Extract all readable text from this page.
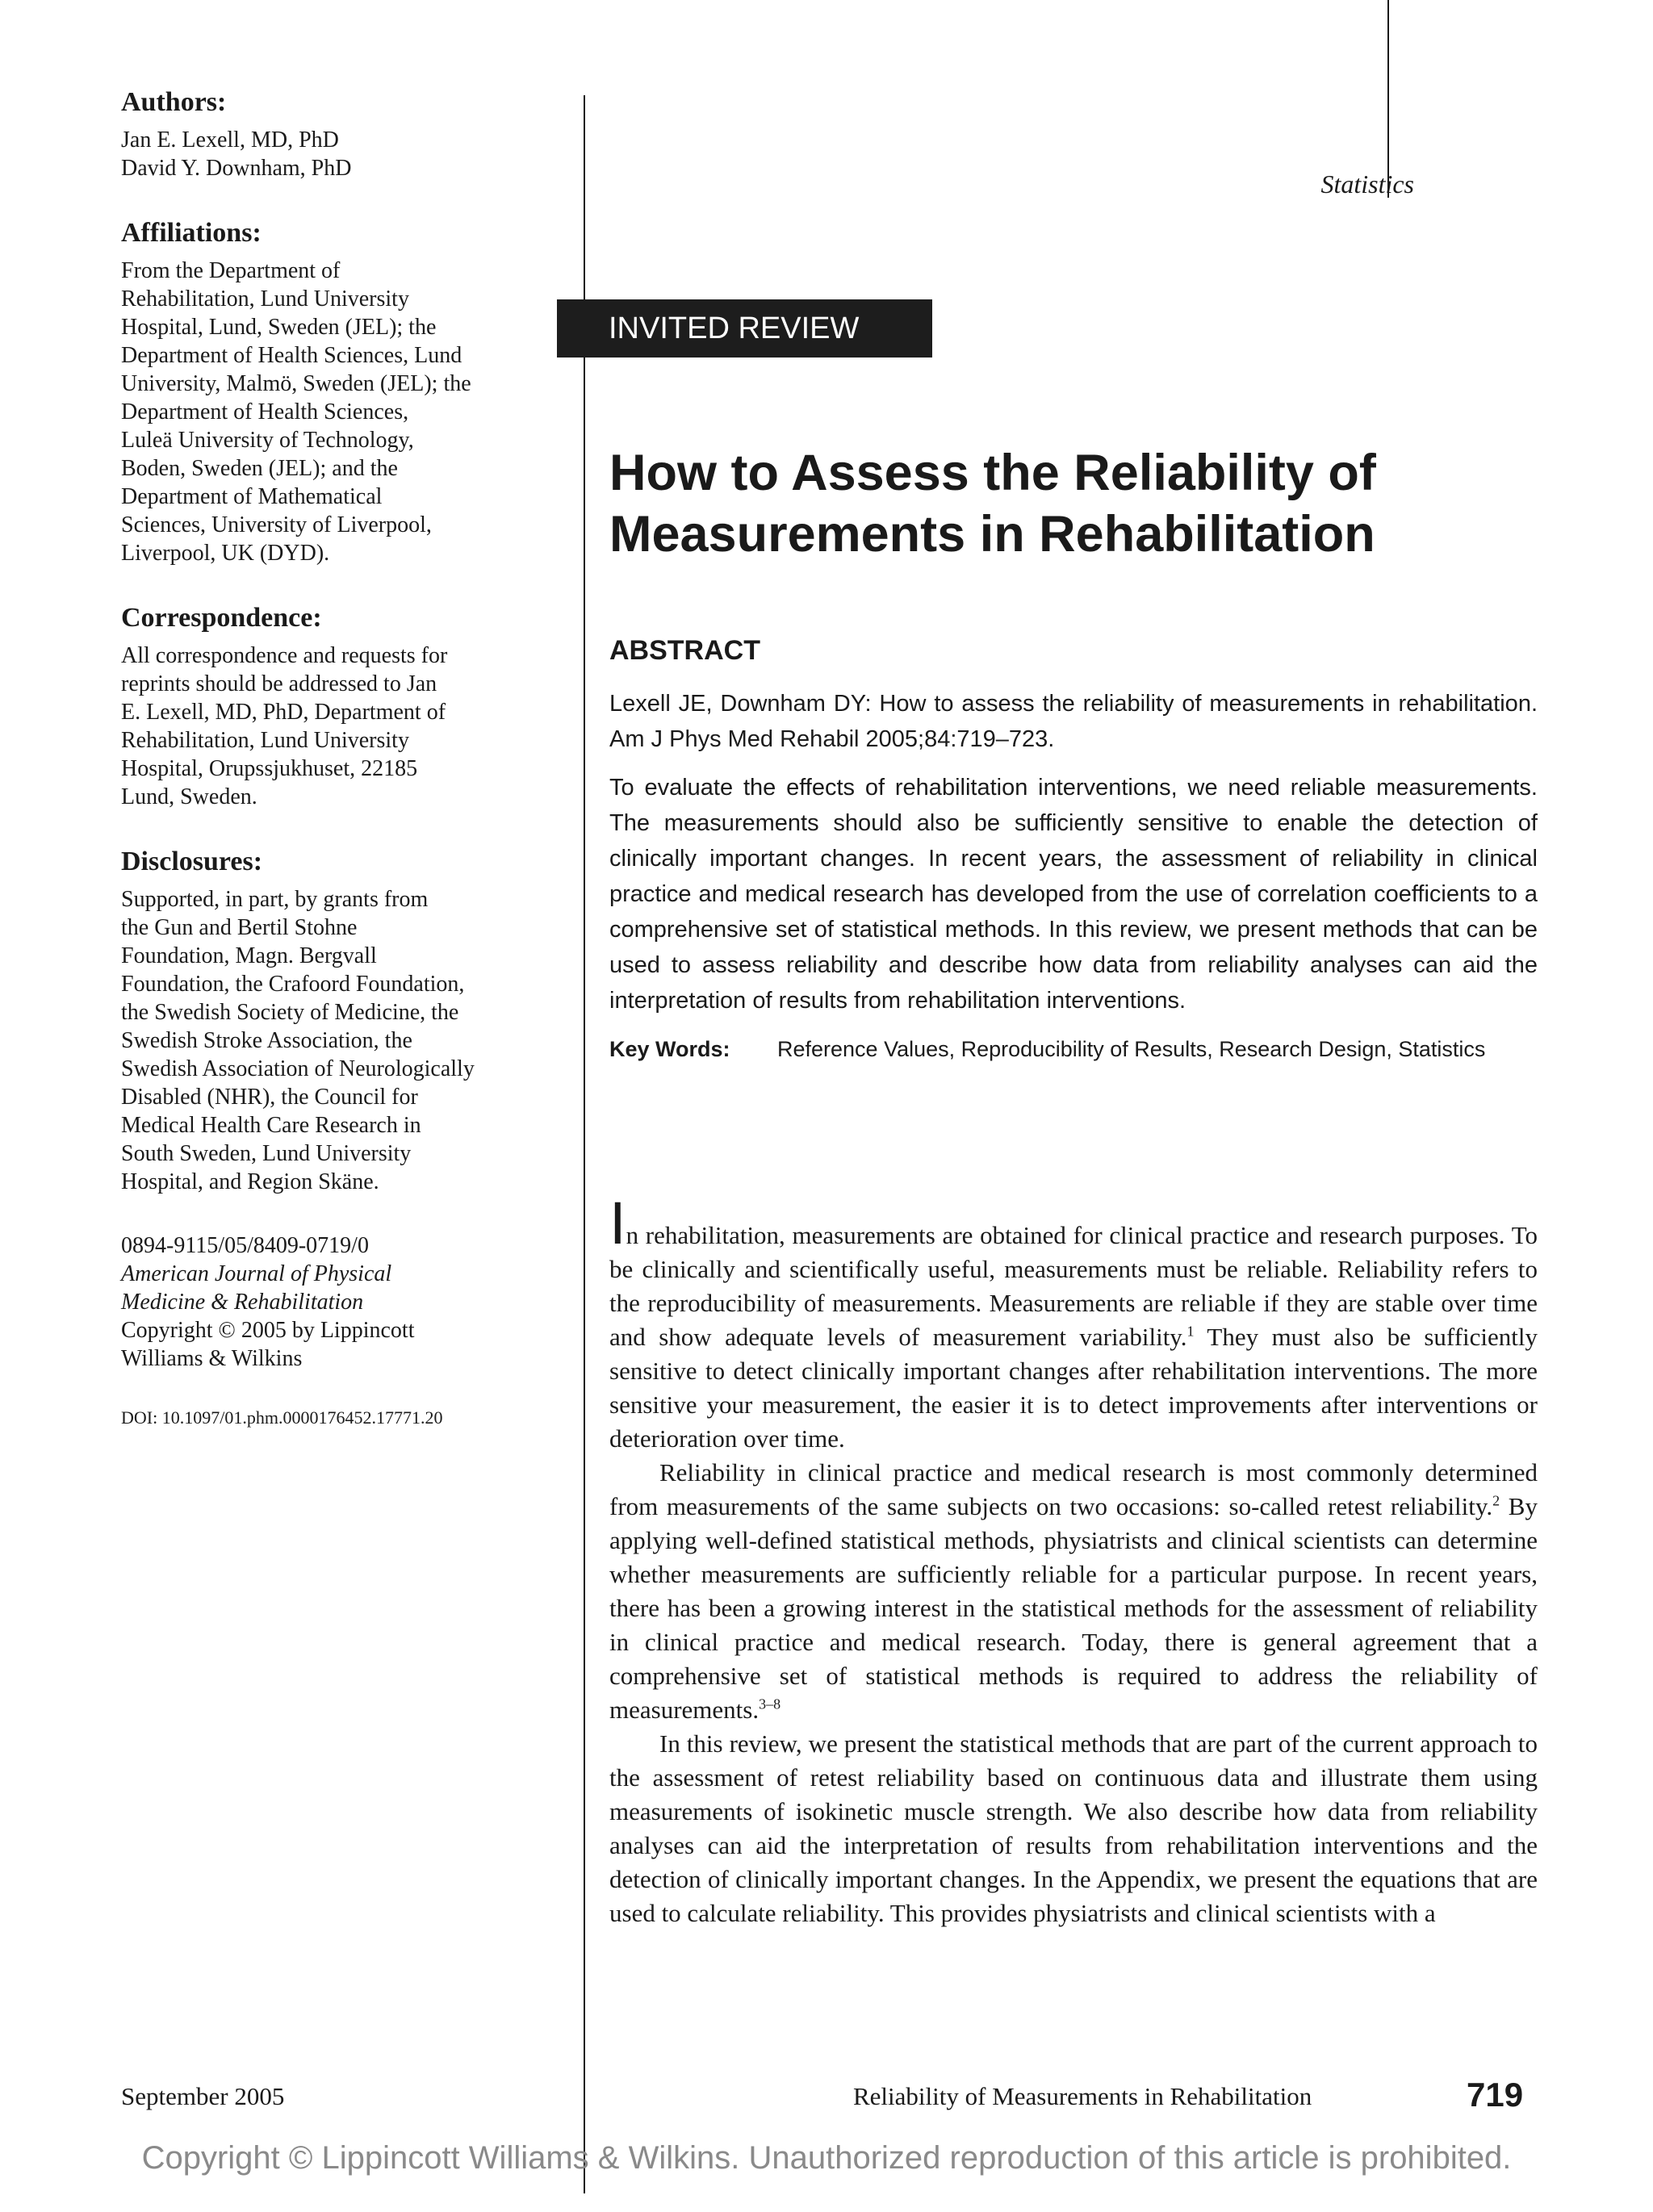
Authors:

Jan E. Lexell, MD, PhD

David Y. Downham, PhD

Affiliations:

From the Department of

Rehabilitation, Lund University

Hospital, Lund, Sweden (JEL); the

Department of Health Sciences, Lund

University, Malmö, Sweden (JEL); the

Department of Health Sciences,

Luleä University of Technology,

Boden, Sweden (JEL); and the

Department of Mathematical

Sciences, University of Liverpool,

Liverpool, UK (DYD).

Correspondence:

All correspondence and requests for

reprints should be addressed to Jan

E. Lexell, MD, PhD, Department of

Rehabilitation, Lund University

Hospital, Orupssjukhuset, 22185

Lund, Sweden.

Disclosures:

Supported, in part, by grants from

the Gun and Bertil Stohne

Foundation, Magn. Bergvall

Foundation, the Crafoord Foundation,

the Swedish Society of Medicine, the

Swedish Stroke Association, the

Swedish Association of Neurologically

Disabled (NHR), the Council for

Medical Health Care Research in

South Sweden, Lund University

Hospital, and Region Skäne.

0894-9115/05/8409-0719/0

American Journal of Physical

Medicine & Rehabilitation

Copyright © 2005 by Lippincott

Williams & Wilkins

DOI: 10.1097/01.phm.0000176452.17771.20

Statistics
INVITED REVIEW
How to Assess the Reliability of Measurements in Rehabilitation
ABSTRACT

Lexell JE, Downham DY: How to assess the reliability of measurements in rehabilitation. Am J Phys Med Rehabil 2005;84:719–723.

To evaluate the effects of rehabilitation interventions, we need reliable measurements. The measurements should also be sufficiently sensitive to enable the detection of clinically important changes. In recent years, the assessment of reliability in clinical practice and medical research has developed from the use of correlation coefficients to a comprehensive set of statistical methods. In this review, we present methods that can be used to assess reliability and describe how data from reliability analyses can aid the interpretation of results from rehabilitation interventions.

Key Words:	Reference Values, Reproducibility of Results, Research Design, Statistics

In rehabilitation, measurements are obtained for clinical practice and research purposes. To be clinically and scientifically useful, measurements must be reliable. Reliability refers to the reproducibility of measurements. Measurements are reliable if they are stable over time and show adequate levels of measurement variability.$^1$ They must also be sufficiently sensitive to detect clinically important changes after rehabilitation interventions. The more sensitive your measurement, the easier it is to detect improvements after interventions or deterioration over time.

Reliability in clinical practice and medical research is most commonly determined from measurements of the same subjects on two occasions: so-called retest reliability.$^2$ By applying well-defined statistical methods, physiatrists and clinical scientists can determine whether measurements are sufficiently reliable for a particular purpose. In recent years, there has been a growing interest in the statistical methods for the assessment of reliability in clinical practice and medical research. Today, there is general agreement that a comprehensive set of statistical methods is required to address the reliability of measurements.$^{3-8}$

In this review, we present the statistical methods that are part of the current approach to the assessment of retest reliability based on continuous data and illustrate them using measurements of isokinetic muscle strength. We also describe how data from reliability analyses can aid the interpretation of results from rehabilitation interventions and the detection of clinically important changes. In the Appendix, we present the equations that are used to calculate reliability. This provides physiatrists and clinical scientists with a

September 2005	Reliability of Measurements in Rehabilitation	719
Copyright © Lippincott Williams & Wilkins. Unauthorized reproduction of this article is prohibited.
